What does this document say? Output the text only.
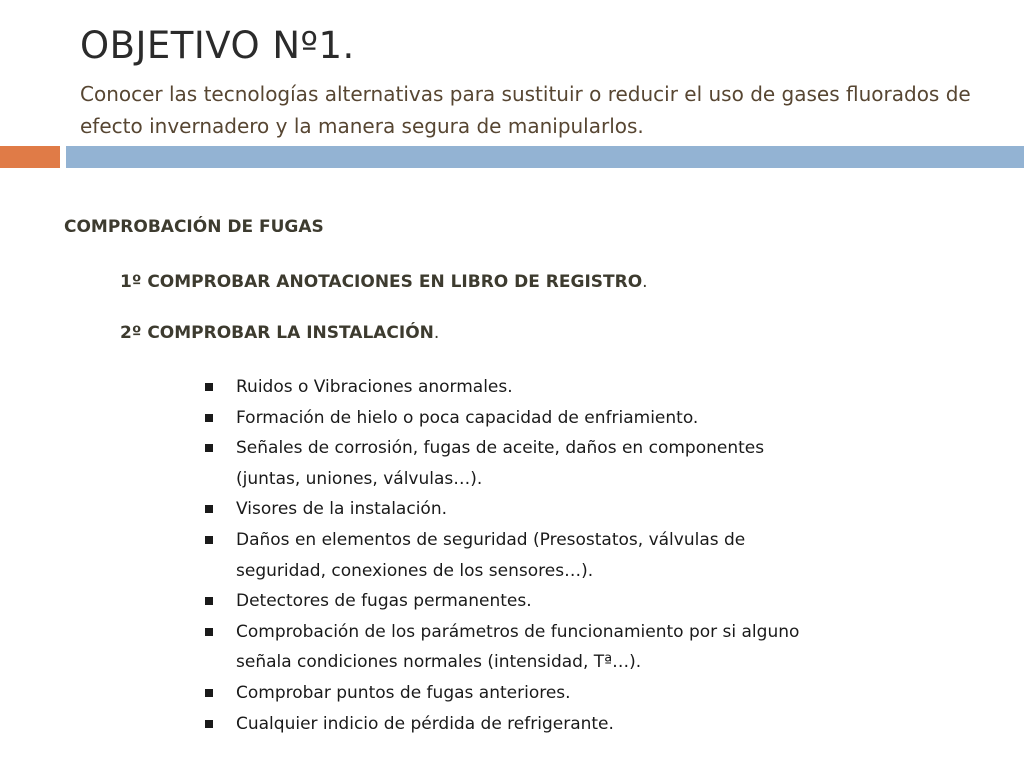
OBJETIVO Nº1.

Conocer las tecnologías alternativas para sustituir o reducir el uso de gases fluorados de efecto invernadero y la manera segura de manipularlos.

COMPROBACIÓN DE FUGAS

1º COMPROBAR ANOTACIONES EN LIBRO DE REGISTRO.

2º COMPROBAR LA INSTALACIÓN.

Ruidos o Vibraciones anormales.
Formación de hielo o poca capacidad de enfriamiento.
Señales de corrosión, fugas de aceite, daños en componentes (juntas, uniones, válvulas…).
Visores de la instalación.
Daños en elementos de seguridad (Presostatos, válvulas de seguridad, conexiones de los sensores…).
Detectores de fugas permanentes.
Comprobación de los parámetros de funcionamiento por si alguno señala condiciones normales (intensidad, Tª…).
Comprobar puntos de fugas anteriores.
Cualquier indicio de pérdida de refrigerante.
